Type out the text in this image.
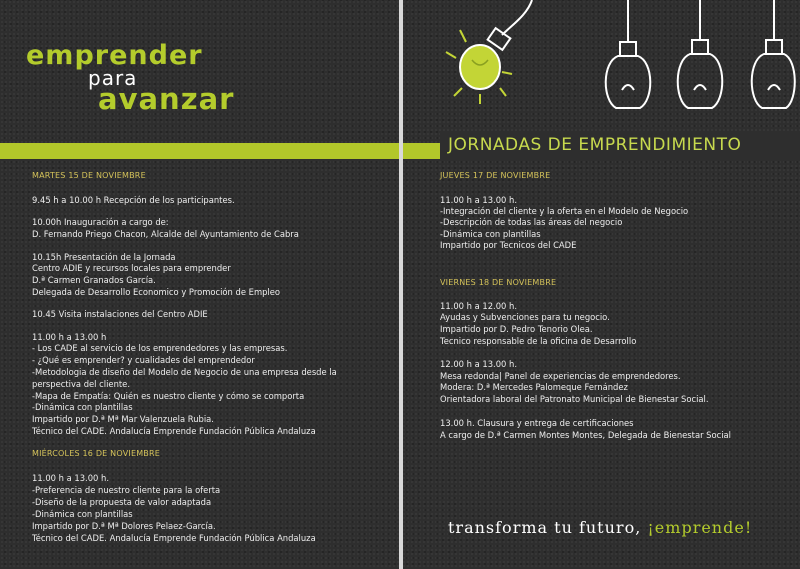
emprender
para
avanzar
JORNADAS DE EMPRENDIMIENTO
MARTES 15 DE NOVIEMBRE
MIÉRCOLES 16 DE NOVIEMBRE
JUEVES 17 DE NOVIEMBRE
VIERNES 18 DE NOVIEMBRE
transforma tu futuro, ¡emprende!
9.45 h a 10.00 h Recepción de los participantes.
10.00h Inauguración a cargo de:
D. Fernando Priego Chacon, Alcalde del Ayuntamiento de Cabra
10.15h Presentación de la Jornada
Centro ADIE y recursos locales para emprender
D.ª Carmen Granados García.
Delegada de Desarrollo Economico y Promoción de Empleo
10.45 Visita instalaciones del Centro ADIE
11.00 h a 13.00 h
- Los CADE al servicio de los emprendedores y las empresas.
- ¿Qué es emprender? y cualidades del emprendedor
-Metodologia de diseño del Modelo de Negocio de una empresa desde la
perspectiva del cliente.
-Mapa de Empatía: Quién es nuestro cliente y cómo se comporta
-Dinámica con plantillas
Impartido por D.ª Mª Mar Valenzuela Rubia.
Técnico del CADE. Andalucía Emprende Fundación Pública Andaluza
11.00 h a 13.00 h.
-Preferencia de nuestro cliente para la oferta
-Diseño de la propuesta de valor adaptada
-Dinámica con plantillas
Impartido por D.ª Mª Dolores Pelaez-García.
Técnico del CADE. Andalucía Emprende Fundación Pública Andaluza
11.00 h a 13.00 h.
-Integración del cliente y la oferta en el Modelo de Negocio
-Descripción de todas las áreas del negocio
-Dinámica con plantillas
Impartido por Tecnicos del CADE
11.00 h a 12.00 h.
Ayudas y Subvenciones para tu negocio.
Impartido por D. Pedro Tenorio Olea.
Tecnico responsable de la oficina de Desarrollo
12.00 h a 13.00 h.
Mesa redonda| Panel de experiencias de emprendedores.
Modera: D.ª Mercedes Palomeque Fernández
Orientadora laboral del Patronato Municipal de Bienestar Social.
13.00 h. Clausura y entrega de certificaciones
A cargo de D.ª Carmen Montes Montes, Delegada de Bienestar Social
